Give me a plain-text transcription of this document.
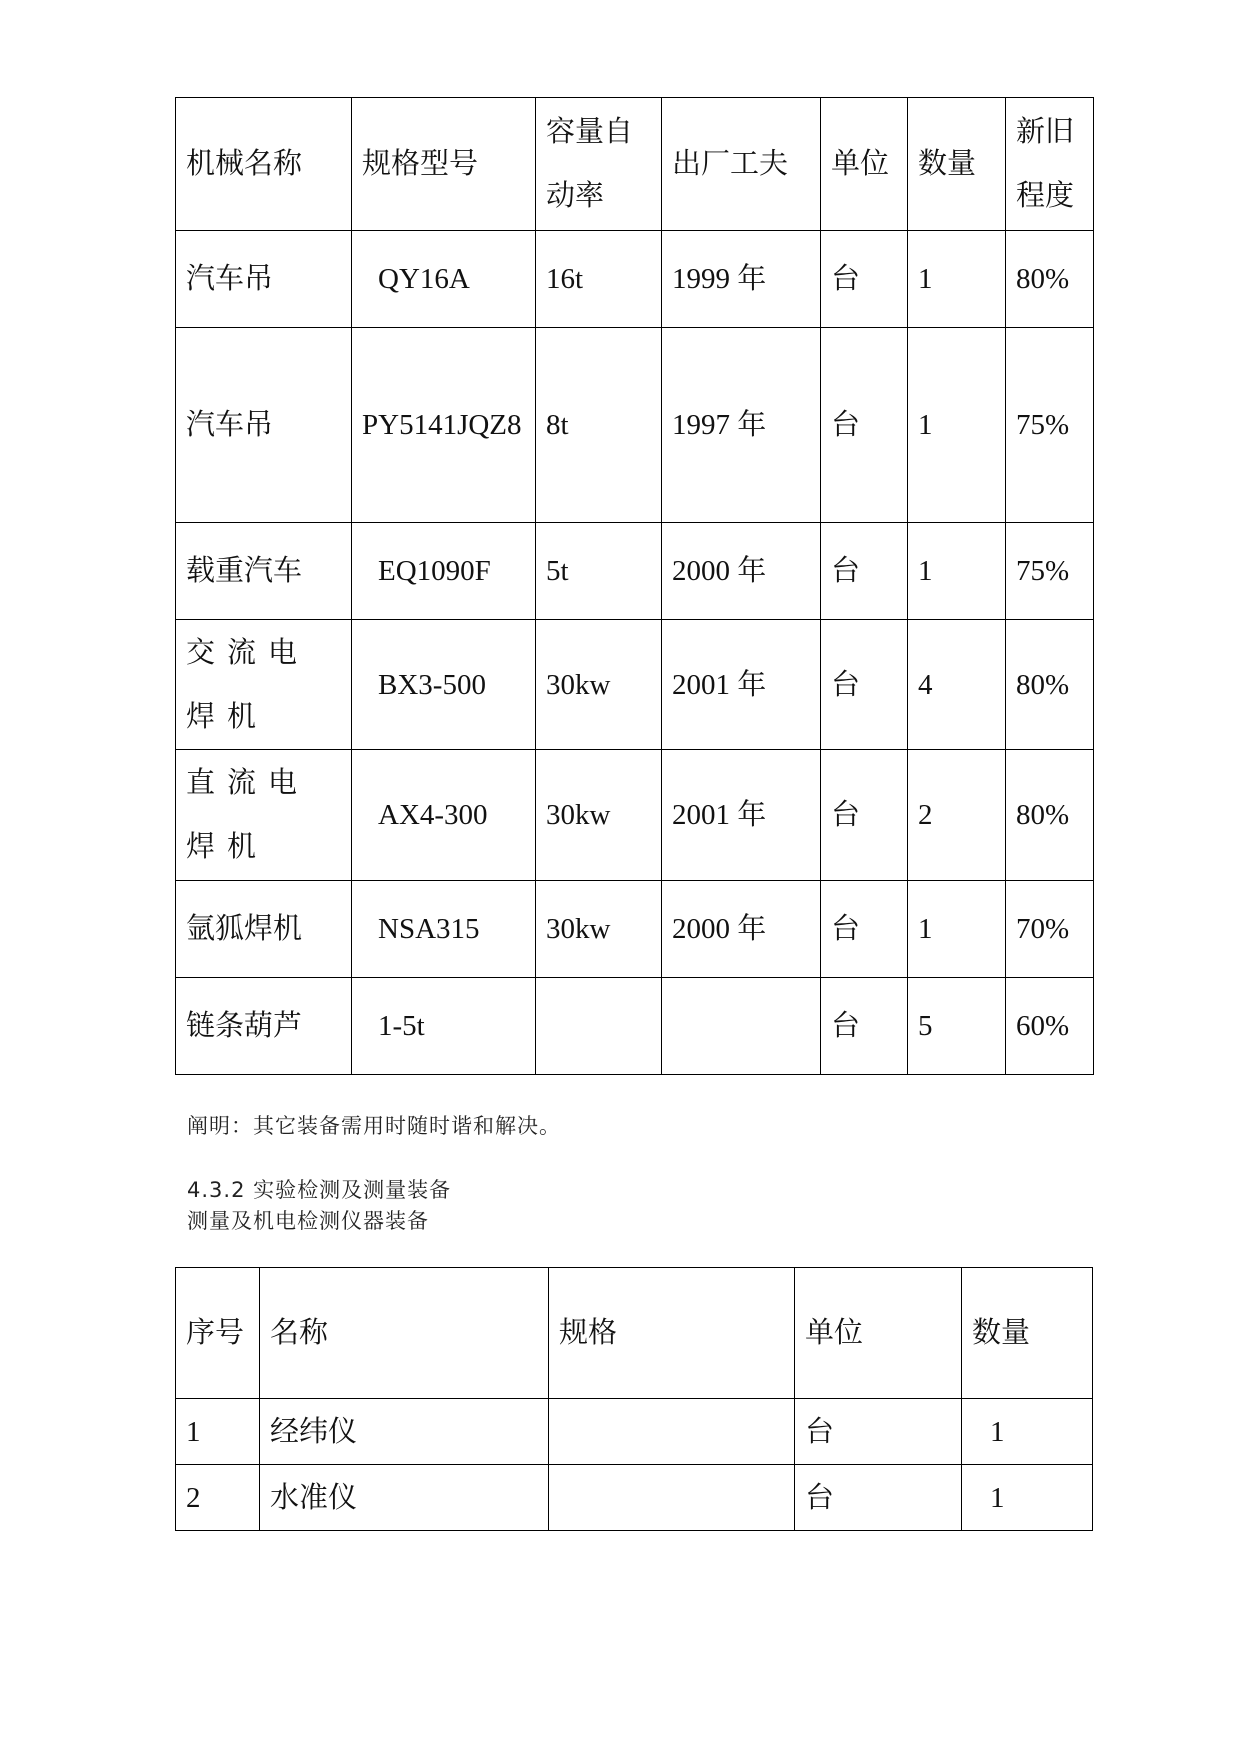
机械名称	规格型号	容量自动率	出厂工夫	单位	数量	新旧程度
汽车吊	QY16A	16t	1999 年	台	1	80%
汽车吊	PY5141JQZ8	8t	1997 年	台	1	75%
载重汽车	EQ1090F	5t	2000 年	台	1	75%
交流电焊机	BX3-500	30kw	2001 年	台	4	80%
直流电焊机	AX4-300	30kw	2001 年	台	2	80%
氩狐焊机	NSA315	30kw	2000 年	台	1	70%
链条葫芦	1-5t			台	5	60%
阐明：其它装备需用时随时谐和解决。
4.3.2 实验检测及测量装备
测量及机电检测仪器装备
序号	名称	规格	单位	数量
1	经纬仪		台	1
2	水准仪		台	1
